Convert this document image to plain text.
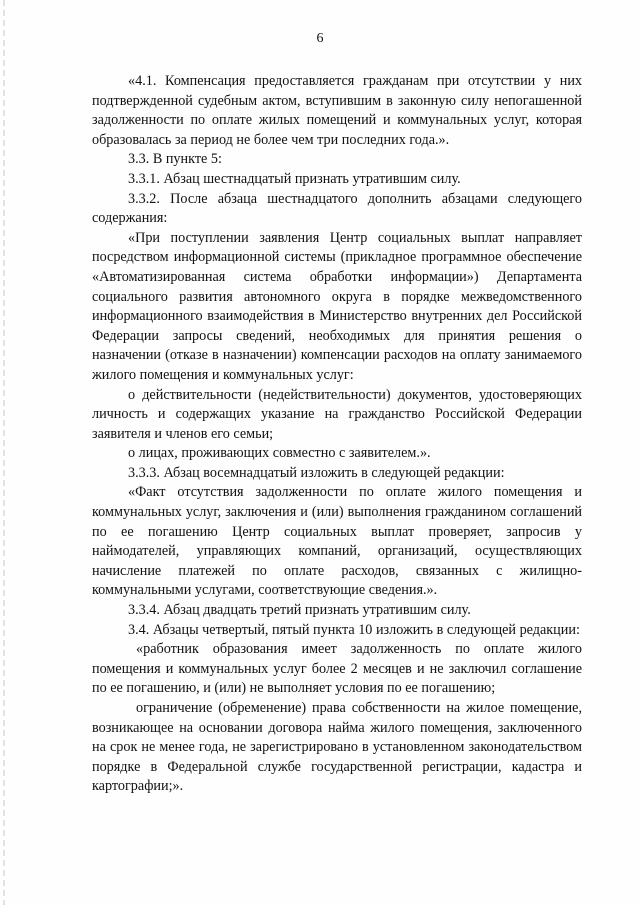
6

«4.1. Компенсация предоставляется гражданам при отсутствии у них подтвержденной судебным актом, вступившим в законную силу непогашенной задолженности по оплате жилых помещений и коммунальных услуг, которая образовалась за период не более чем три последних года.».

3.3. В пункте 5:

3.3.1. Абзац шестнадцатый признать утратившим силу.

3.3.2. После абзаца шестнадцатого дополнить абзацами следующего содержания:

«При поступлении заявления Центр социальных выплат направляет посредством информационной системы (прикладное программное обеспечение «Автоматизированная система обработки информации») Департамента социального развития автономного округа в порядке межведомственного информационного взаимодействия в Министерство внутренних дел Российской Федерации запросы сведений, необходимых для принятия решения о назначении (отказе в назначении) компенсации расходов на оплату занимаемого жилого помещения и коммунальных услуг:

о действительности (недействительности) документов, удостоверяющих личность и содержащих указание на гражданство Российской Федерации заявителя и членов его семьи;

о лицах, проживающих совместно с заявителем.».

3.3.3. Абзац восемнадцатый изложить в следующей редакции:

«Факт отсутствия задолженности по оплате жилого помещения и коммунальных услуг, заключения и (или) выполнения гражданином соглашений по ее погашению Центр социальных выплат проверяет, запросив у наймодателей, управляющих компаний, организаций, осуществляющих начисление платежей по оплате расходов, связанных с жилищно-коммунальными услугами, соответствующие сведения.».

3.3.4. Абзац двадцать третий признать утратившим силу.

3.4. Абзацы четвертый, пятый пункта 10 изложить в следующей редакции:

«работник образования имеет задолженность по оплате жилого помещения и коммунальных услуг более 2 месяцев и не заключил соглашение по ее погашению, и (или) не выполняет условия по ее погашению;

ограничение (обременение) права собственности на жилое помещение, возникающее на основании договора найма жилого помещения, заключенного на срок не менее года, не зарегистрировано в установленном законодательством порядке в Федеральной службе государственной регистрации, кадастра и картографии;».
